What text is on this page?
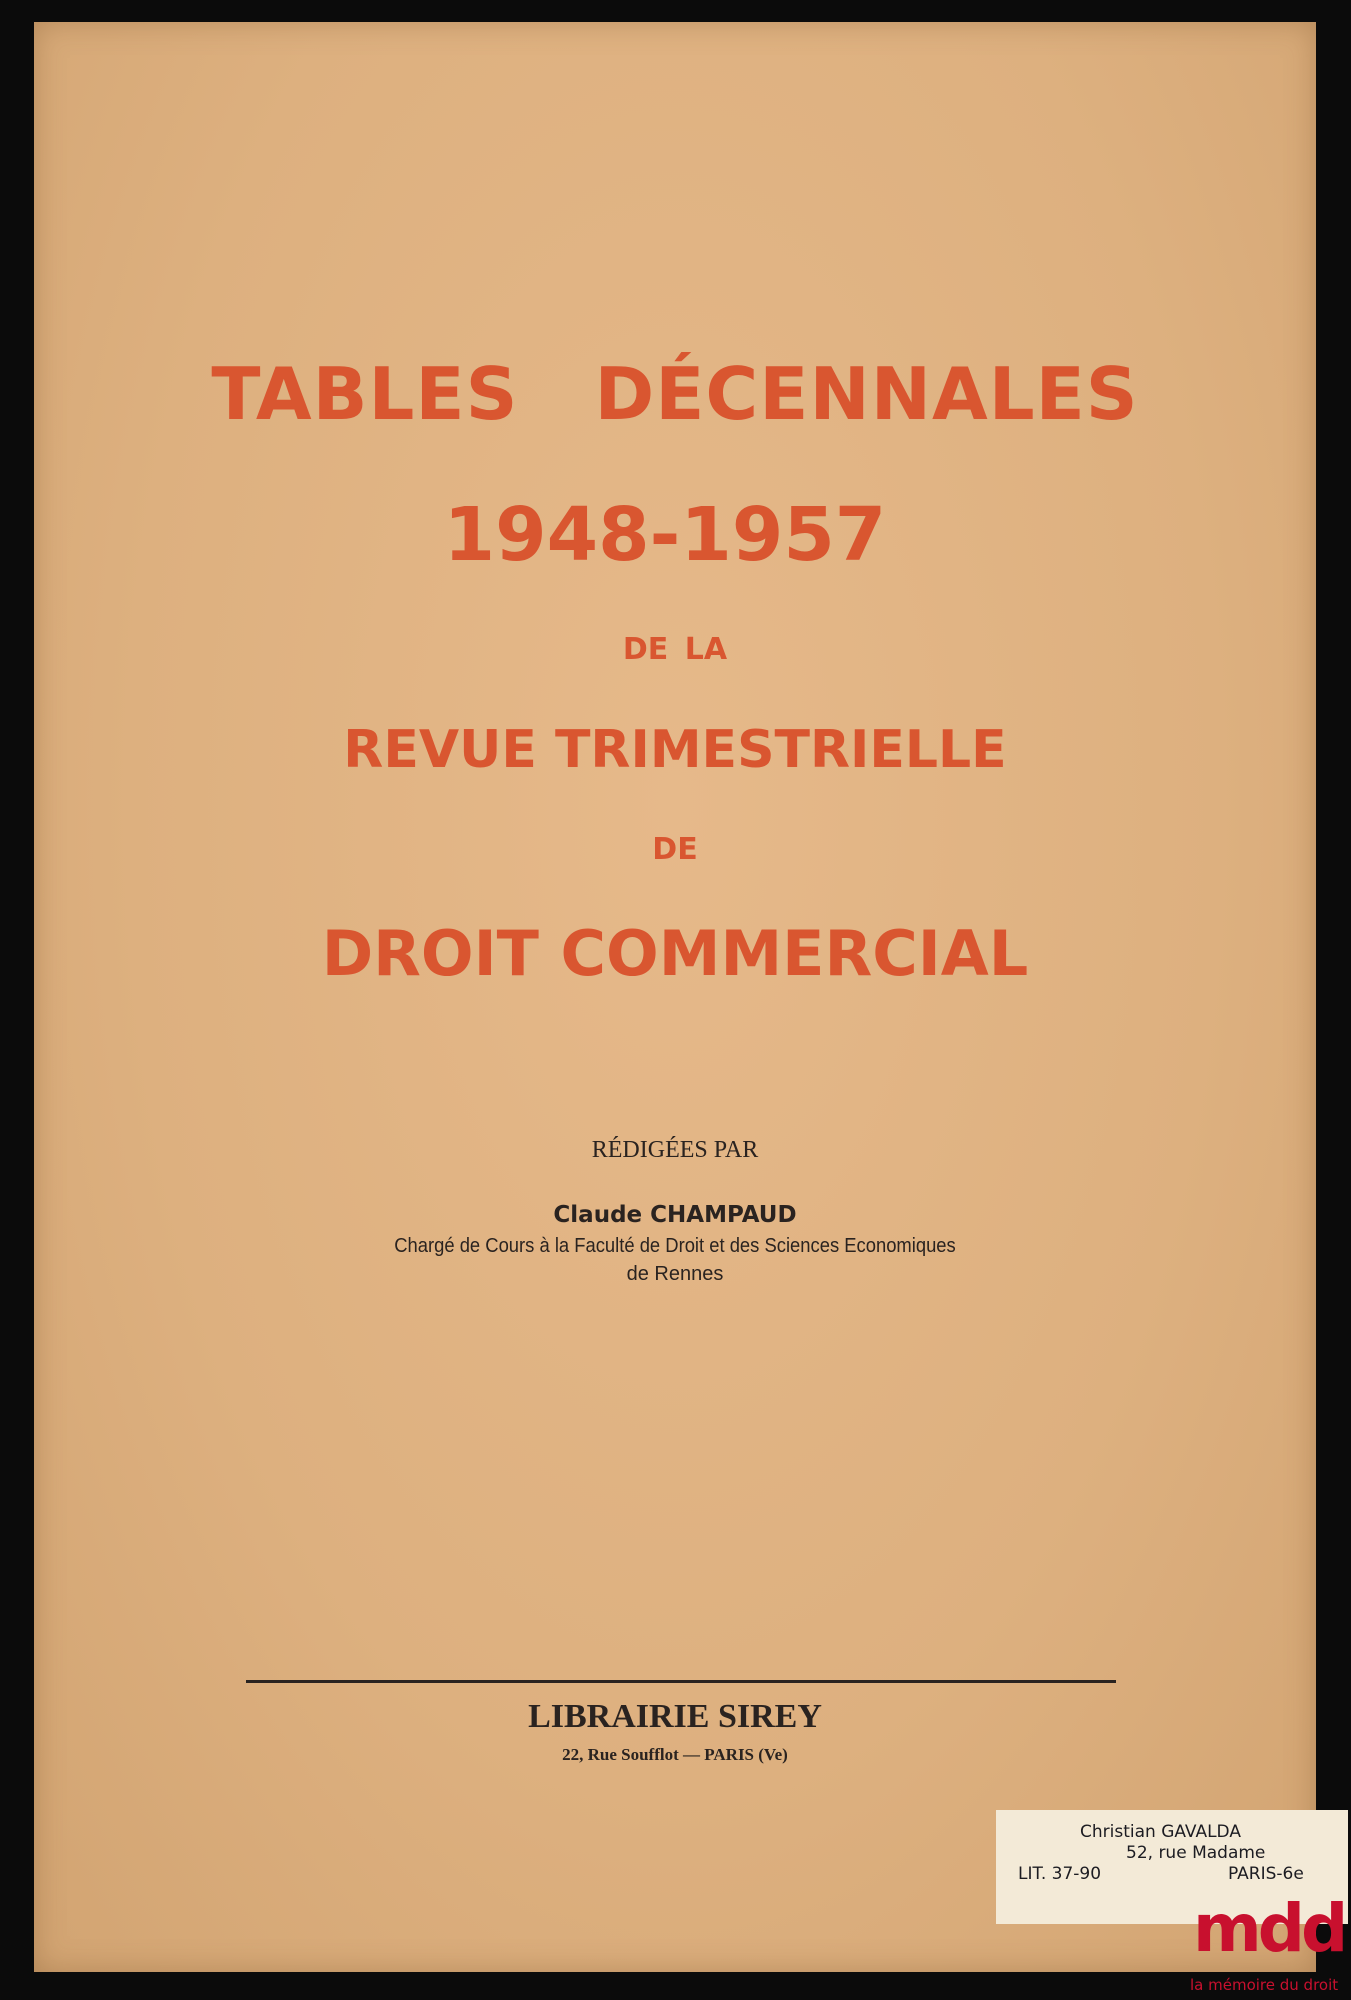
TABLES DÉCENNALES
1948-1957
DE LA
REVUE TRIMESTRIELLE
DE
DROIT COMMERCIAL
RÉDIGÉES PAR
Claude CHAMPAUD
Chargé de Cours à la Faculté de Droit et des Sciences Economiques
de Rennes
LIBRAIRIE SIREY
22, Rue Soufflot — PARIS (Ve)
Christian GAVALDA
52, rue Madame
LIT. 37-90	PARIS-6e
mdd
la mémoire du droit
